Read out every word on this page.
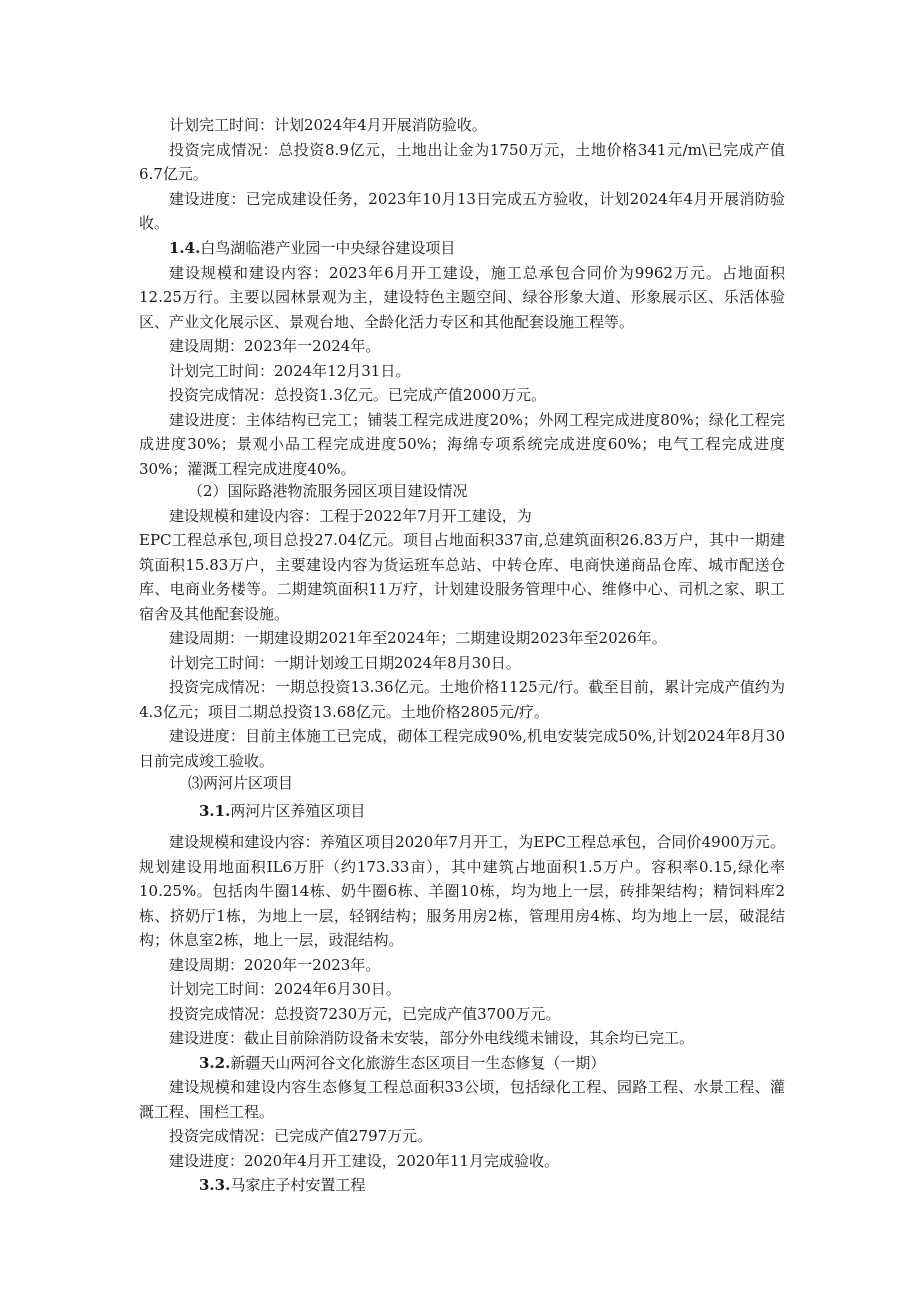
计划完工时间：计划2024年4月开展消防验收。

投资完成情况：总投资8.9亿元，土地出让金为1750万元，土地价格341元/m\已完成产值6.7亿元。

建设进度：已完成建设任务，2023年10月13日完成五方验收，计划2024年4月开展消防验收。

1.4.白鸟湖临港产业园一中央绿谷建设项目

建设规模和建设内容：2023年6月开工建设，施工总承包合同价为9962万元。占地面积12.25万行。主要以园林景观为主，建设特色主题空间、绿谷形象大道、形象展示区、乐活体验区、产业文化展示区、景观台地、全龄化活力专区和其他配套设施工程等。

建设周期：2023年一2024年。

计划完工时间：2024年12月31日。

投资完成情况：总投资1.3亿元。已完成产值2000万元。

建设进度：主体结构已完工；铺装工程完成进度20%；外网工程完成进度80%；绿化工程完成进度30%；景观小品工程完成进度50%；海绵专项系统完成进度60%；电气工程完成进度30%；灌溉工程完成进度40%。

（2）国际路港物流服务园区项目建设情况

建设规模和建设内容：工程于2022年7月开工建设，为

EPC工程总承包,项目总投27.04亿元。项目占地面积337亩,总建筑面积26.83万户，其中一期建筑面积15.83万户，主要建设内容为货运班车总站、中转仓库、电商快递商品仓库、城市配送仓库、电商业务楼等。二期建筑面积11万疗，计划建设服务管理中心、维修中心、司机之家、职工宿舍及其他配套设施。

建设周期：一期建设期2021年至2024年；二期建设期2023年至2026年。

计划完工时间：一期计划竣工日期2024年8月30日。

投资完成情况：一期总投资13.36亿元。土地价格1125元/行。截至目前，累计完成产值约为4.3亿元；项目二期总投资13.68亿元。土地价格2805元/疗。

建设进度：目前主体施工已完成，砌体工程完成90%,机电安装完成50%,计划2024年8月30日前完成竣工验收。

⑶两河片区项目

3.1.两河片区养殖区项目

建设规模和建设内容：养殖区项目2020年7月开工，为EPC工程总承包，合同价4900万元。规划建设用地面积IL6万肝（约173.33亩），其中建筑占地面积1.5万户。容积率0.15,绿化率10.25%。包括肉牛圈14栋、奶牛圈6栋、羊圈10栋，均为地上一层，砖排架结构；精饲料库2栋、挤奶厅1栋，为地上一层，轻钢结构；服务用房2栋，管理用房4栋、均为地上一层，破混结构；休息室2栋，地上一层，豉混结构。

建设周期：2020年一2023年。

计划完工时间：2024年6月30日。

投资完成情况：总投资7230万元，已完成产值3700万元。

建设进度：截止目前除消防设备未安装，部分外电线缆未铺设，其余均已完工。

3.2.新疆天山两河谷文化旅游生态区项目一生态修复（一期）

建设规模和建设内容生态修复工程总面积33公顷，包括绿化工程、园路工程、水景工程、灌溉工程、围栏工程。

投资完成情况：已完成产值2797万元。

建设进度：2020年4月开工建设，2020年11月完成验收。

3.3.马家庄子村安置工程
